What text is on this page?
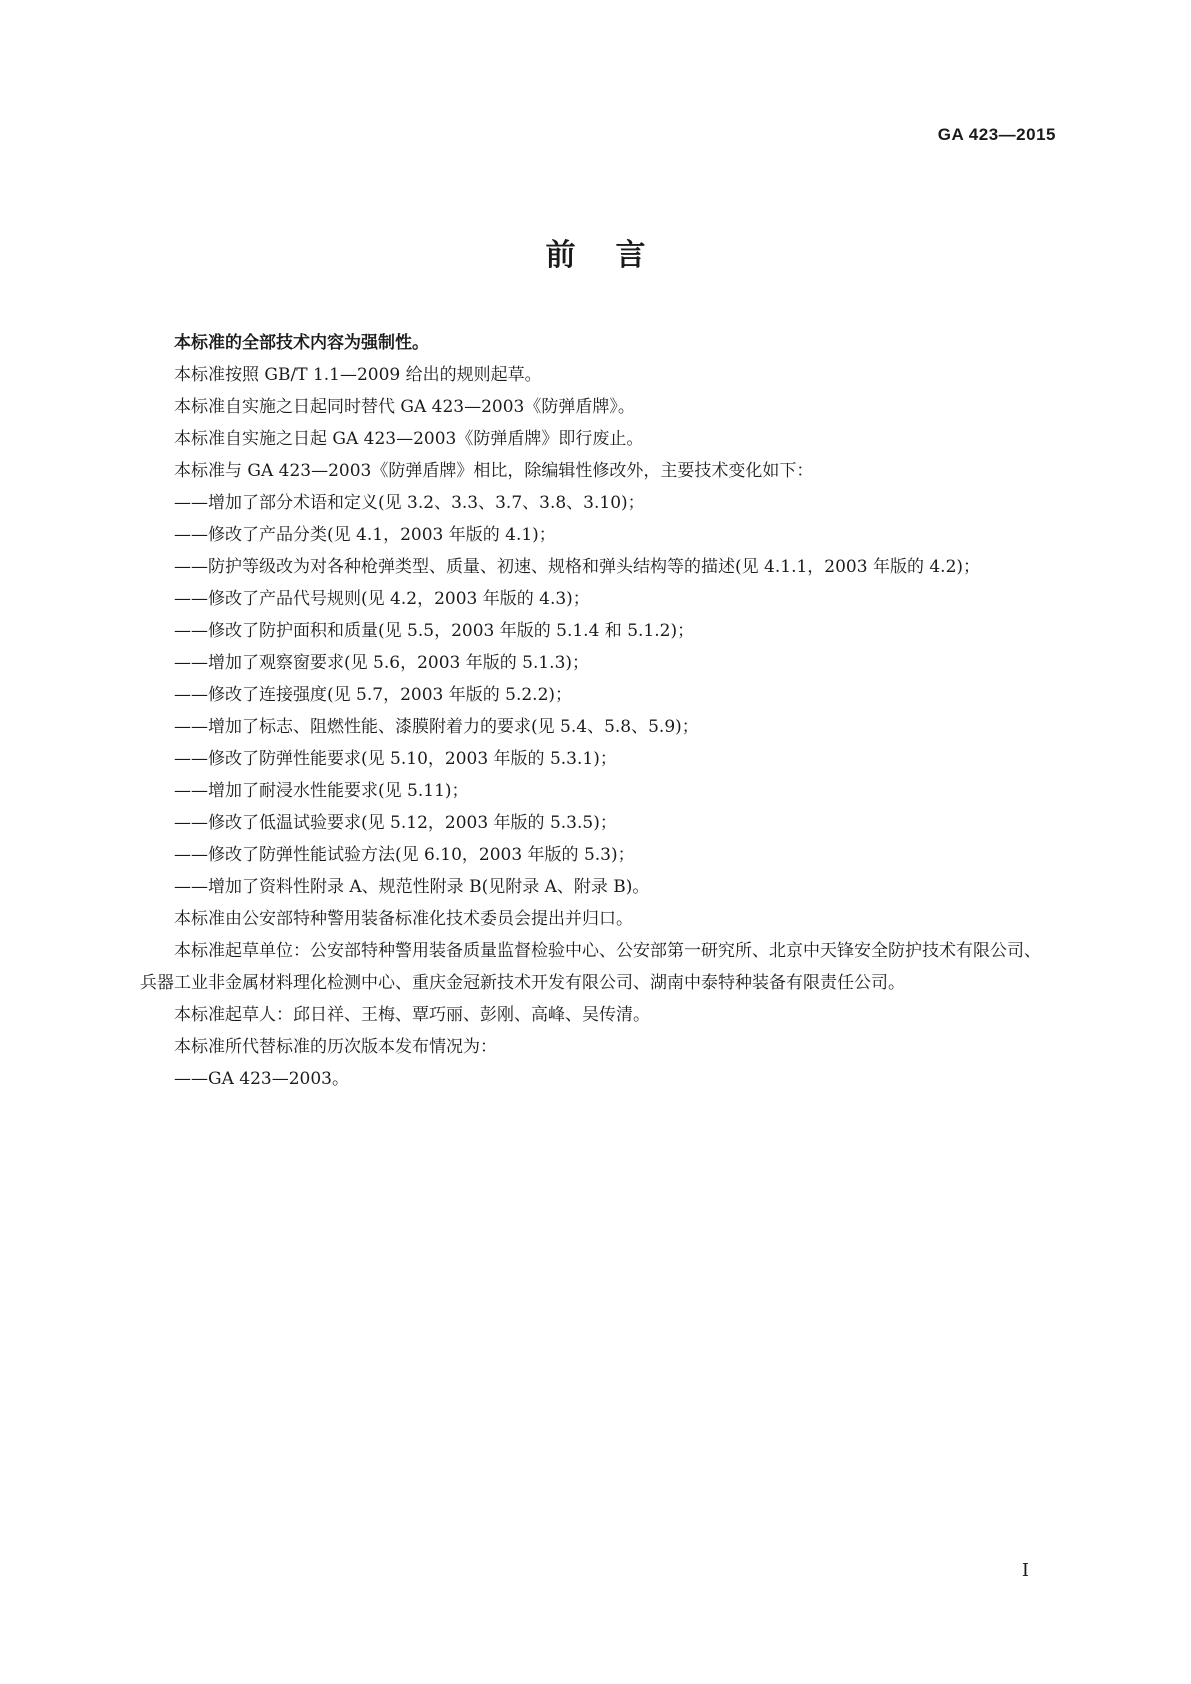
GA 423—2015
前言

本标准的全部技术内容为强制性。

本标准按照 GB/T 1.1—2009 给出的规则起草。

本标准自实施之日起同时替代 GA 423—2003《防弹盾牌》。

本标准自实施之日起 GA 423—2003《防弹盾牌》即行废止。

本标准与 GA 423—2003《防弹盾牌》相比，除编辑性修改外，主要技术变化如下：

——增加了部分术语和定义(见 3.2、3.3、3.7、3.8、3.10)；

——修改了产品分类(见 4.1，2003 年版的 4.1)；

——防护等级改为对各种枪弹类型、质量、初速、规格和弹头结构等的描述(见 4.1.1，2003 年版的 4.2)；

——修改了产品代号规则(见 4.2，2003 年版的 4.3)；

——修改了防护面积和质量(见 5.5，2003 年版的 5.1.4 和 5.1.2)；

——增加了观察窗要求(见 5.6，2003 年版的 5.1.3)；

——修改了连接强度(见 5.7，2003 年版的 5.2.2)；

——增加了标志、阻燃性能、漆膜附着力的要求(见 5.4、5.8、5.9)；

——修改了防弹性能要求(见 5.10，2003 年版的 5.3.1)；

——增加了耐浸水性能要求(见 5.11)；

——修改了低温试验要求(见 5.12，2003 年版的 5.3.5)；

——修改了防弹性能试验方法(见 6.10，2003 年版的 5.3)；

——增加了资料性附录 A、规范性附录 B(见附录 A、附录 B)。

本标准由公安部特种警用装备标准化技术委员会提出并归口。

本标准起草单位：公安部特种警用装备质量监督检验中心、公安部第一研究所、北京中天锋安全防护技术有限公司、兵器工业非金属材料理化检测中心、重庆金冠新技术开发有限公司、湖南中泰特种装备有限责任公司。

本标准起草人：邱日祥、王梅、覃巧丽、彭刚、高峰、吴传清。

本标准所代替标准的历次版本发布情况为：

——GA 423—2003。

I
